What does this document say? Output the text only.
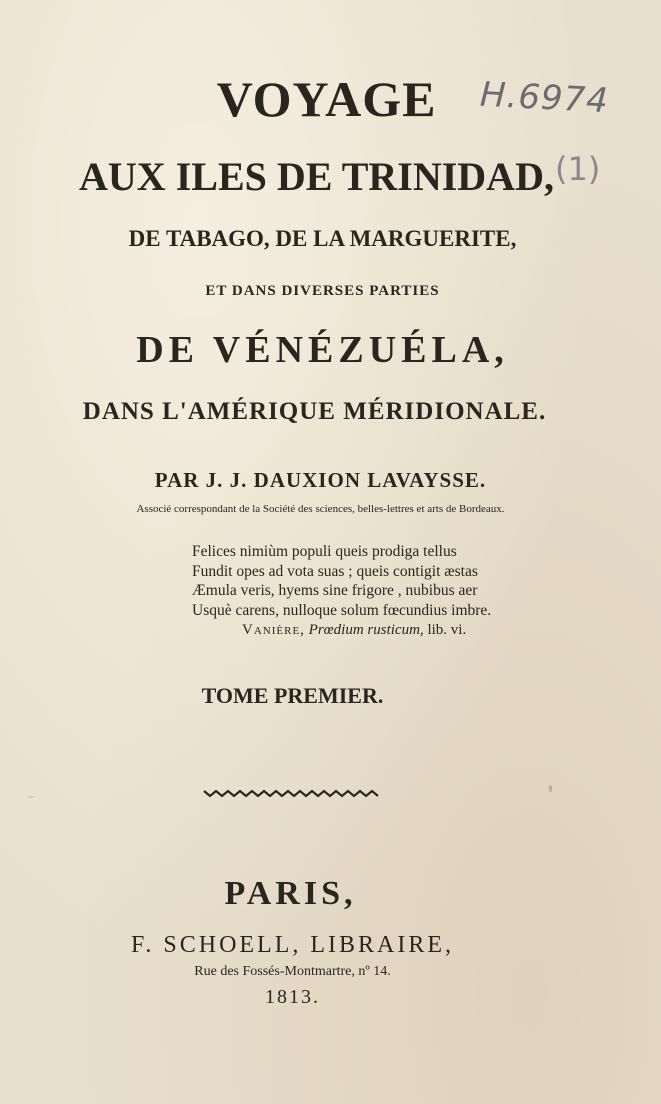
VOYAGE
AUX ILES DE TRINIDAD,
DE TABAGO, DE LA MARGUERITE,
ET DANS DIVERSES PARTIES
DE VÉNÉZUÉLA,
DANS L'AMÉRIQUE MÉRIDIONALE.
PAR J. J. DAUXION LAVAYSSE.
Associé correspondant de la Société des sciences, belles-lettres et arts de Bordeaux.
Felices nimiùm populi queis prodiga tellus
Fundit opes ad vota suas ; queis contigit æstas
Æmula veris, hyems sine frigore , nubibus aer
Usquè carens, nulloque solum fœcundius imbre.
Vanière, Prœdium rusticum, lib. vi.
TOME PREMIER.
PARIS,
F. SCHOELL, LIBRAIRE,
Rue des Fossés-Montmartre, nº 14.
1813.
H.6974
(1)
